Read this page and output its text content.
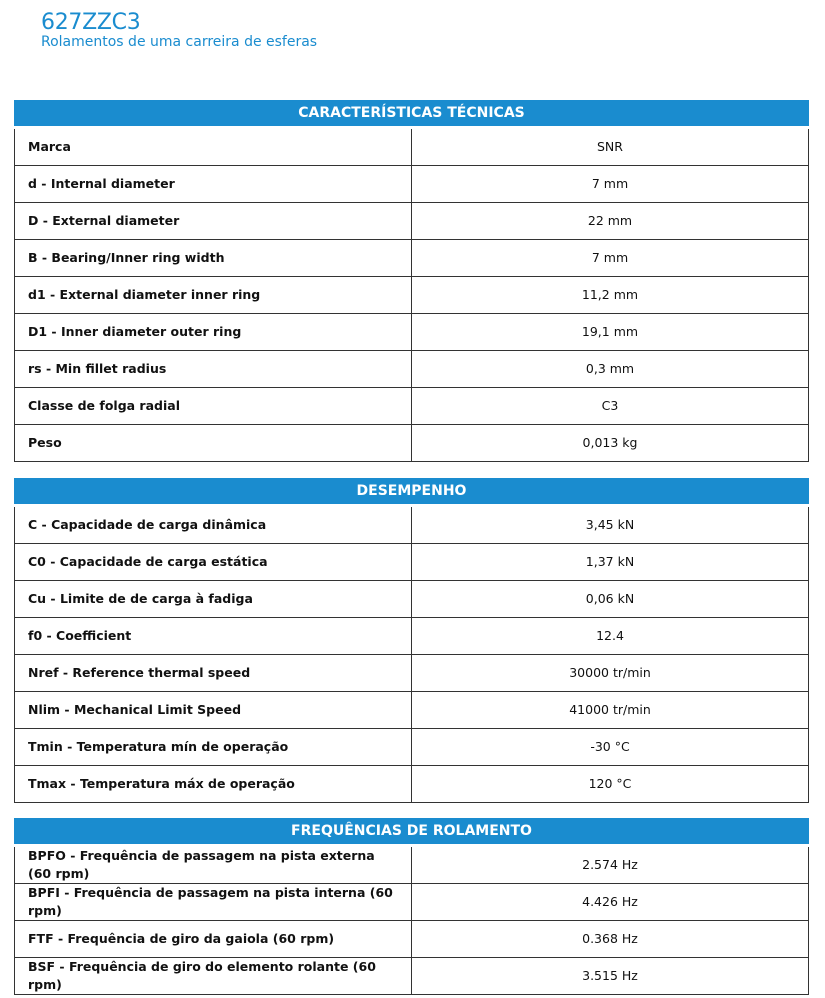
627ZZC3
Rolamentos de uma carreira de esferas
CARACTERÍSTICAS TÉCNICAS	
Marca	SNR
d - Internal diameter	7 mm
D - External diameter	22 mm
B - Bearing/Inner ring width	7 mm
d1 - External diameter inner ring	11,2 mm
D1 - Inner diameter outer ring	19,1 mm
rs - Min fillet radius	0,3 mm
Classe de folga radial	C3
Peso	0,013 kg
DESEMPENHO	
C - Capacidade de carga dinâmica	3,45 kN
C0 - Capacidade de carga estática	1,37 kN
Cu - Limite de de carga à fadiga	0,06 kN
f0 - Coefficient	12.4
Nref - Reference thermal speed	30000 tr/min
Nlim - Mechanical Limit Speed	41000 tr/min
Tmin - Temperatura mín de operação	-30 °C
Tmax - Temperatura máx de operação	120 °C
FREQUÊNCIAS DE ROLAMENTO	
BPFO - Frequência de passagem na pista externa (60 rpm)	2.574 Hz
BPFI - Frequência de passagem na pista interna (60 rpm)	4.426 Hz
FTF - Frequência de giro da gaiola (60 rpm)	0.368 Hz
BSF - Frequência de giro do elemento rolante (60 rpm)	3.515 Hz
